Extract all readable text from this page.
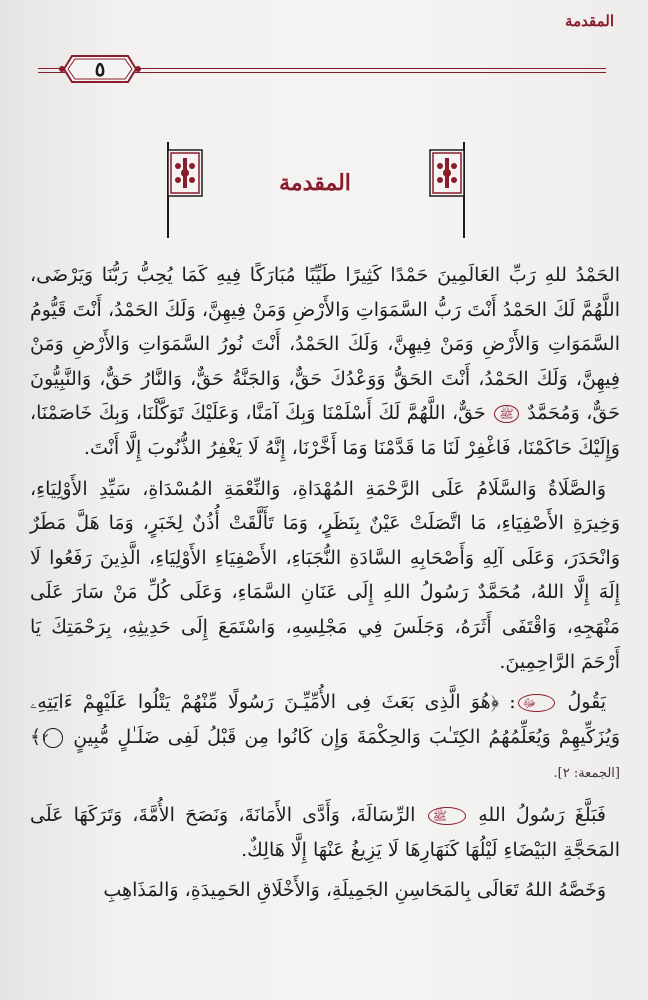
المقدمة
٥
المقدمة

الحَمْدُ للهِ رَبِّ العَالَمِينَ حَمْدًا كَثِيرًا طَيِّبًا مُبَارَكًا فِيهِ كَمَا يُحِبُّ رَبُّنَا وَيَرْضَى، اللَّهُمَّ لَكَ الحَمْدُ أَنْتَ رَبُّ السَّمَوَاتِ وَالأَرْضِ وَمَنْ فِيهِنَّ، وَلَكَ الحَمْدُ، أَنْتَ قَيُّومُ السَّمَوَاتِ وَالأَرْضِ وَمَنْ فِيهِنَّ، وَلَكَ الحَمْدُ، أَنْتَ نُورُ السَّمَوَاتِ وَالأَرْضِ وَمَنْ فِيهِنَّ، وَلَكَ الحَمْدُ، أَنْتَ الحَقُّ وَوَعْدُكَ حَقٌّ، وَالجَنَّةُ حَقٌّ، وَالنَّارُ حَقٌّ، وَالنَّبِيُّونَ حَقٌّ، وَمُحَمَّدٌ ﷺ حَقٌّ، اللَّهُمَّ لَكَ أَسْلَمْنَا وَبِكَ آمَنَّا، وَعَلَيْكَ تَوَكَّلْنَا، وَبِكَ خَاصَمْنَا، وَإِلَيْكَ حَاكَمْنَا، فَاغْفِرْ لَنَا مَا قَدَّمْنَا وَمَا أَخَّرْنَا، إِنَّهُ لَا يَغْفِرُ الذُّنُوبَ إِلَّا أَنْتَ.

وَالصَّلَاةُ وَالسَّلَامُ عَلَى الرَّحْمَةِ المُهْدَاةِ، وَالنِّعْمَةِ المُسْدَاةِ، سَيِّدِ الأَوْلِيَاءِ، وَخِيرَةِ الأَصْفِيَاءِ، مَا اتَّصَلَتْ عَيْنٌ بِنَظَرٍ، وَمَا تَأَلَّقَتْ أُذُنٌ لِخَبَرٍ، وَمَا هَلَّ مَطَرٌ وَانْحَدَرَ، وَعَلَى آلِهِ وَأَصْحَابِهِ السَّادَةِ النُّجَبَاءِ، الأَصْفِيَاءِ الأَوْلِيَاءِ، الَّذِينَ رَفَعُوا لَا إِلَهَ إِلَّا اللهُ، مُحَمَّدٌ رَسُولُ اللهِ إِلَى عَنَانِ السَّمَاءِ، وَعَلَى كُلِّ مَنْ سَارَ عَلَى مَنْهَجِهِ، وَاقْتَفَى أَثَرَهُ، وَجَلَسَ فِي مَجْلِسِهِ، وَاسْتَمَعَ إِلَى حَدِيثِهِ، بِرَحْمَتِكَ يَا أَرْحَمَ الرَّاحِمِينَ.

يَقُولُ ﷻ: ﴿هُوَ الَّذِى بَعَثَ فِى الأُمِّيِّـنَ رَسُولًا مِّنْهُمْ يَتْلُوا عَلَيْهِمْ ءَايَتِهِۦ وَيُزَكِّيهِمْ وَيُعَلِّمُهُمُ الكِتَـٰبَ وَالحِكْمَةَ وَإِن كَانُوا مِن قَبْلُ لَفِى ضَلَـٰلٍ مُّبِينٍ ٢﴾ [الجمعة: ٢].

فَبَلَّغَ رَسُولُ اللهِ ﷺ الرِّسَالَةَ، وَأَدَّى الأَمَانَةَ، وَنَصَحَ الأُمَّةَ، وَتَرَكَهَا عَلَى المَحَجَّةِ البَيْضَاءِ لَيْلُهَا كَنَهَارِهَا لَا يَزِيغُ عَنْهَا إِلَّا هَالِكٌ.

وَخَصَّهُ اللهُ تَعَالَى بِالمَحَاسِنِ الجَمِيلَةِ، وَالأَخْلَاقِ الحَمِيدَةِ، وَالمَذَاهِبِ
